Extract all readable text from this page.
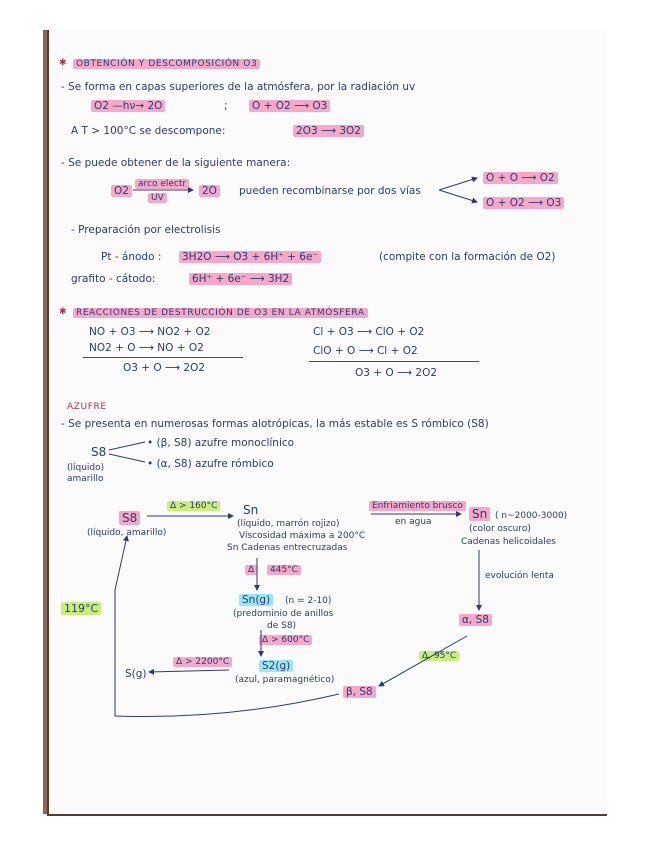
✱ OBTENCIÓN Y DESCOMPOSICIÓN O3
- Se forma en capas superiores de la atmósfera, por la radiación uv
O2 —hν→ 2O	; O + O2 ⟶ O3
A T > 100°C se descompone:	2O3 ⟶ 3O2
- Se puede obtener de la siguiente manera:
O2
arco electr
UV
2O pueden recombinarse por dos vías
O + O ⟶ O2
O + O2 ⟶ O3
- Preparación por electrolisis
Pt - ánodo : 3H2O ⟶ O3 + 6H⁺ + 6e⁻	(compite con la formación de O2)
grafito - cátodo:	6H⁺ + 6e⁻ ⟶ 3H2
✱ REACCIONES DE DESTRUCCIÓN DE O3 EN LA ATMÓSFERA
NO + O3 ⟶ NO2 + O2
NO2 + O ⟶ NO + O2
O3 + O ⟶ 2O2
Cl + O3 ⟶ ClO + O2
ClO + O ⟶ Cl + O2
O3 + O ⟶ 2O2
AZUFRE
- Se presenta en numerosas formas alotrópicas, la más estable es S rómbico (S8)
S8
• (β, S8) azufre monoclínico
• (α, S8) azufre rómbico
(líquido)
amarillo
S8
(líquido, amarillo)
Δ > 160°C Sn
(líquido, marrón rojizo)
Viscosidad máxima a 200°C
Sn Cadenas entrecruzadas
Enfriamiento brusco
en agua
Sn ( n~2000-3000)
(color oscuro)
Cadenas helicoidales
Δ	445°C
Sn(g)	(n = 2-10)
(predominio de anillos
de S8)
Δ > 600°C
evolución lenta
α, S8
S2(g)
(azul, paramagnético)
Δ > 2200°C
S(g)
119°C
Δ, 95°C
β, S8
